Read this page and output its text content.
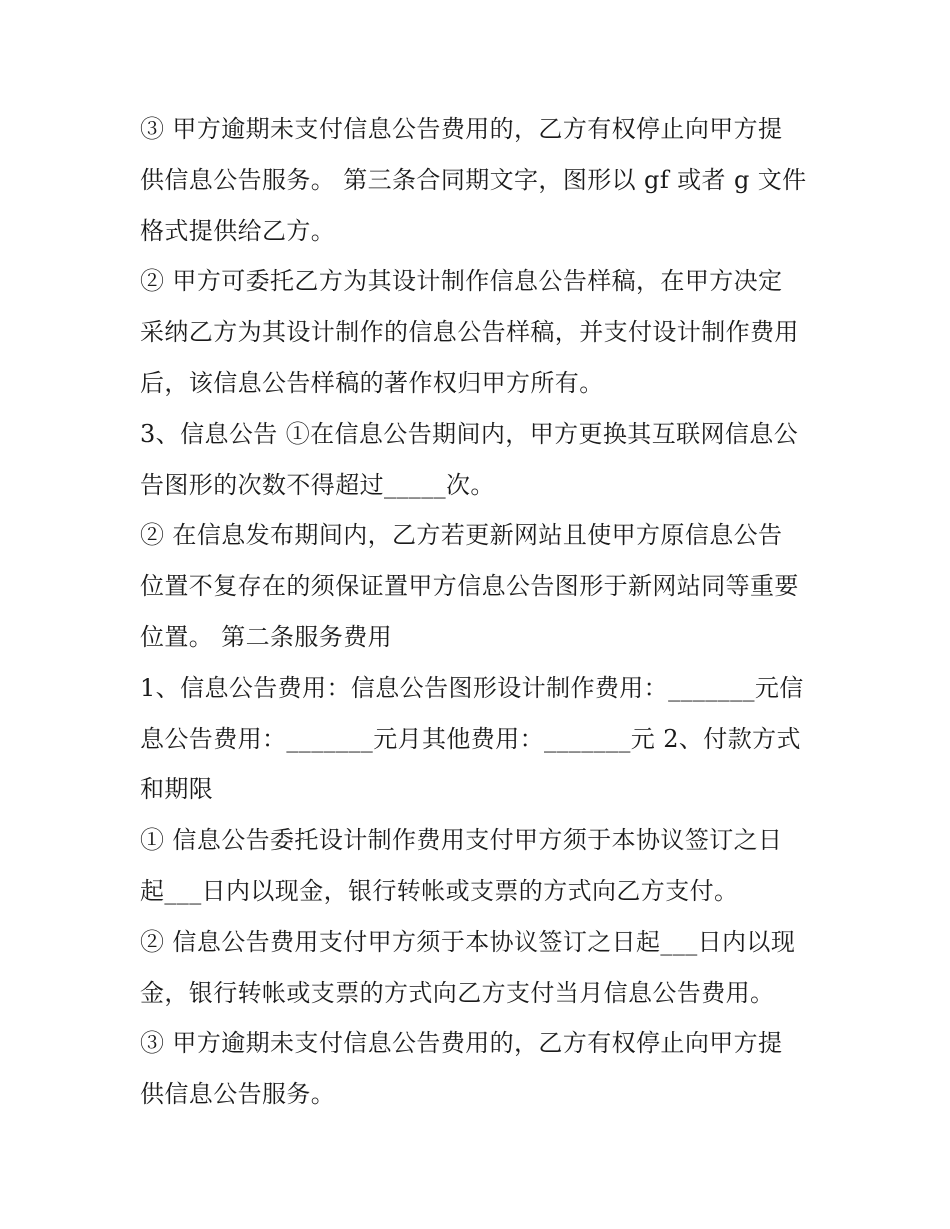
③ 甲方逾期未支付信息公告费用的，乙方有权停止向甲方提
供信息公告服务。 第三条合同期文字，图形以 gf 或者 g 文件
格式提供给乙方。
② 甲方可委托乙方为其设计制作信息公告样稿，在甲方决定
采纳乙方为其设计制作的信息公告样稿，并支付设计制作费用
后，该信息公告样稿的著作权归甲方所有。
3、信息公告 ①在信息公告期间内，甲方更换其互联网信息公
告图形的次数不得超过_____次。
② 在信息发布期间内，乙方若更新网站且使甲方原信息公告
位置不复存在的须保证置甲方信息公告图形于新网站同等重要
位置。 第二条服务费用
1、信息公告费用：信息公告图形设计制作费用：_______元信
息公告费用：_______元月其他费用：_______元 2、付款方式
和期限
① 信息公告委托设计制作费用支付甲方须于本协议签订之日
起___日内以现金，银行转帐或支票的方式向乙方支付。
② 信息公告费用支付甲方须于本协议签订之日起___日内以现
金，银行转帐或支票的方式向乙方支付当月信息公告费用。
③ 甲方逾期未支付信息公告费用的，乙方有权停止向甲方提
供信息公告服务。
